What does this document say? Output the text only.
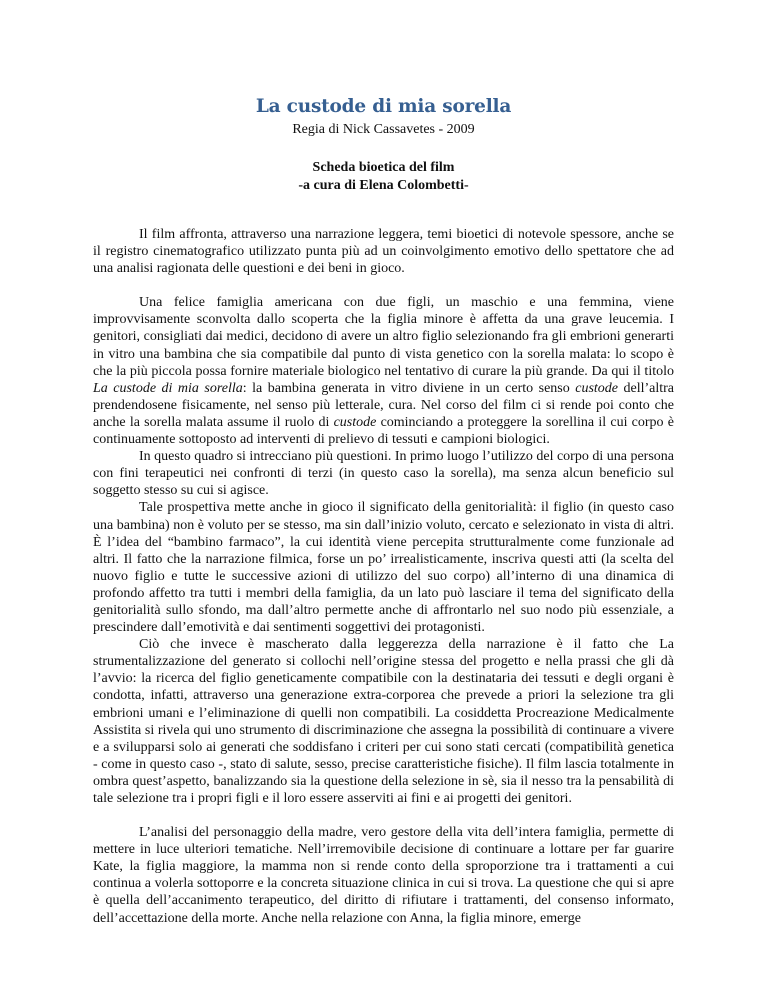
La custode di mia sorella
Regia di Nick Cassavetes - 2009
Scheda bioetica del film
-a cura di Elena Colombetti-

Il film affronta, attraverso una narrazione leggera, temi bioetici di notevole spessore, anche se il registro cinematografico utilizzato punta più ad un coinvolgimento emotivo dello spettatore che ad una analisi ragionata delle questioni e dei beni in gioco.

Una felice famiglia americana con due figli, un maschio e una femmina, viene improvvisamente sconvolta dallo scoperta che la figlia minore è affetta da una grave leucemia. I genitori, consigliati dai medici, decidono di avere un altro figlio selezionando fra gli embrioni generarti in vitro una bambina che sia compatibile dal punto di vista genetico con la sorella malata: lo scopo è che la più piccola possa fornire materiale biologico nel tentativo di curare la più grande. Da qui il titolo La custode di mia sorella: la bambina generata in vitro diviene in un certo senso custode dell’altra prendendosene fisicamente, nel senso più letterale, cura. Nel corso del film ci si rende poi conto che anche la sorella malata assume il ruolo di custode cominciando a proteggere la sorellina il cui corpo è continuamente sottoposto ad interventi di prelievo di tessuti e campioni biologici.

In questo quadro si intrecciano più questioni. In primo luogo l’utilizzo del corpo di una persona con fini terapeutici nei confronti di terzi (in questo caso la sorella), ma senza alcun beneficio sul soggetto stesso su cui si agisce.

Tale prospettiva mette anche in gioco il significato della genitorialità: il figlio (in questo caso una bambina) non è voluto per se stesso, ma sin dall’inizio voluto, cercato e selezionato in vista di altri. È l’idea del “bambino farmaco”, la cui identità viene percepita strutturalmente come funzionale ad altri. Il fatto che la narrazione filmica, forse un po’ irrealisticamente, inscriva questi atti (la scelta del nuovo figlio e tutte le successive azioni di utilizzo del suo corpo) all’interno di una dinamica di profondo affetto tra tutti i membri della famiglia, da un lato può lasciare il tema del significato della genitorialità sullo sfondo, ma dall’altro permette anche di affrontarlo nel suo nodo più essenziale, a prescindere dall’emotività e dai sentimenti soggettivi dei protagonisti.

Ciò che invece è mascherato dalla leggerezza della narrazione è il fatto che La strumentalizzazione del generato si collochi nell’origine stessa del progetto e nella prassi che gli dà l’avvio: la ricerca del figlio geneticamente compatibile con la destinataria dei tessuti e degli organi è condotta, infatti, attraverso una generazione extra-corporea che prevede a priori la selezione tra gli embrioni umani e l’eliminazione di quelli non compatibili. La cosiddetta Procreazione Medicalmente Assistita si rivela qui uno strumento di discriminazione che assegna la possibilità di continuare a vivere e a svilupparsi solo ai generati che soddisfano i criteri per cui sono stati cercati (compatibilità genetica - come in questo caso -, stato di salute, sesso, precise caratteristiche fisiche). Il film lascia totalmente in ombra quest’aspetto, banalizzando sia la questione della selezione in sè, sia il nesso tra la pensabilità di tale selezione tra i propri figli e il loro essere asserviti ai fini e ai progetti dei genitori.

L’analisi del personaggio della madre, vero gestore della vita dell’intera famiglia, permette di mettere in luce ulteriori tematiche. Nell’irremovibile decisione di continuare a lottare per far guarire Kate, la figlia maggiore, la mamma non si rende conto della sproporzione tra i trattamenti a cui continua a volerla sottoporre e la concreta situazione clinica in cui si trova. La questione che qui si apre è quella dell’accanimento terapeutico, del diritto di rifiutare i trattamenti, del consenso informato, dell’accettazione della morte. Anche nella relazione con Anna, la figlia minore, emerge
